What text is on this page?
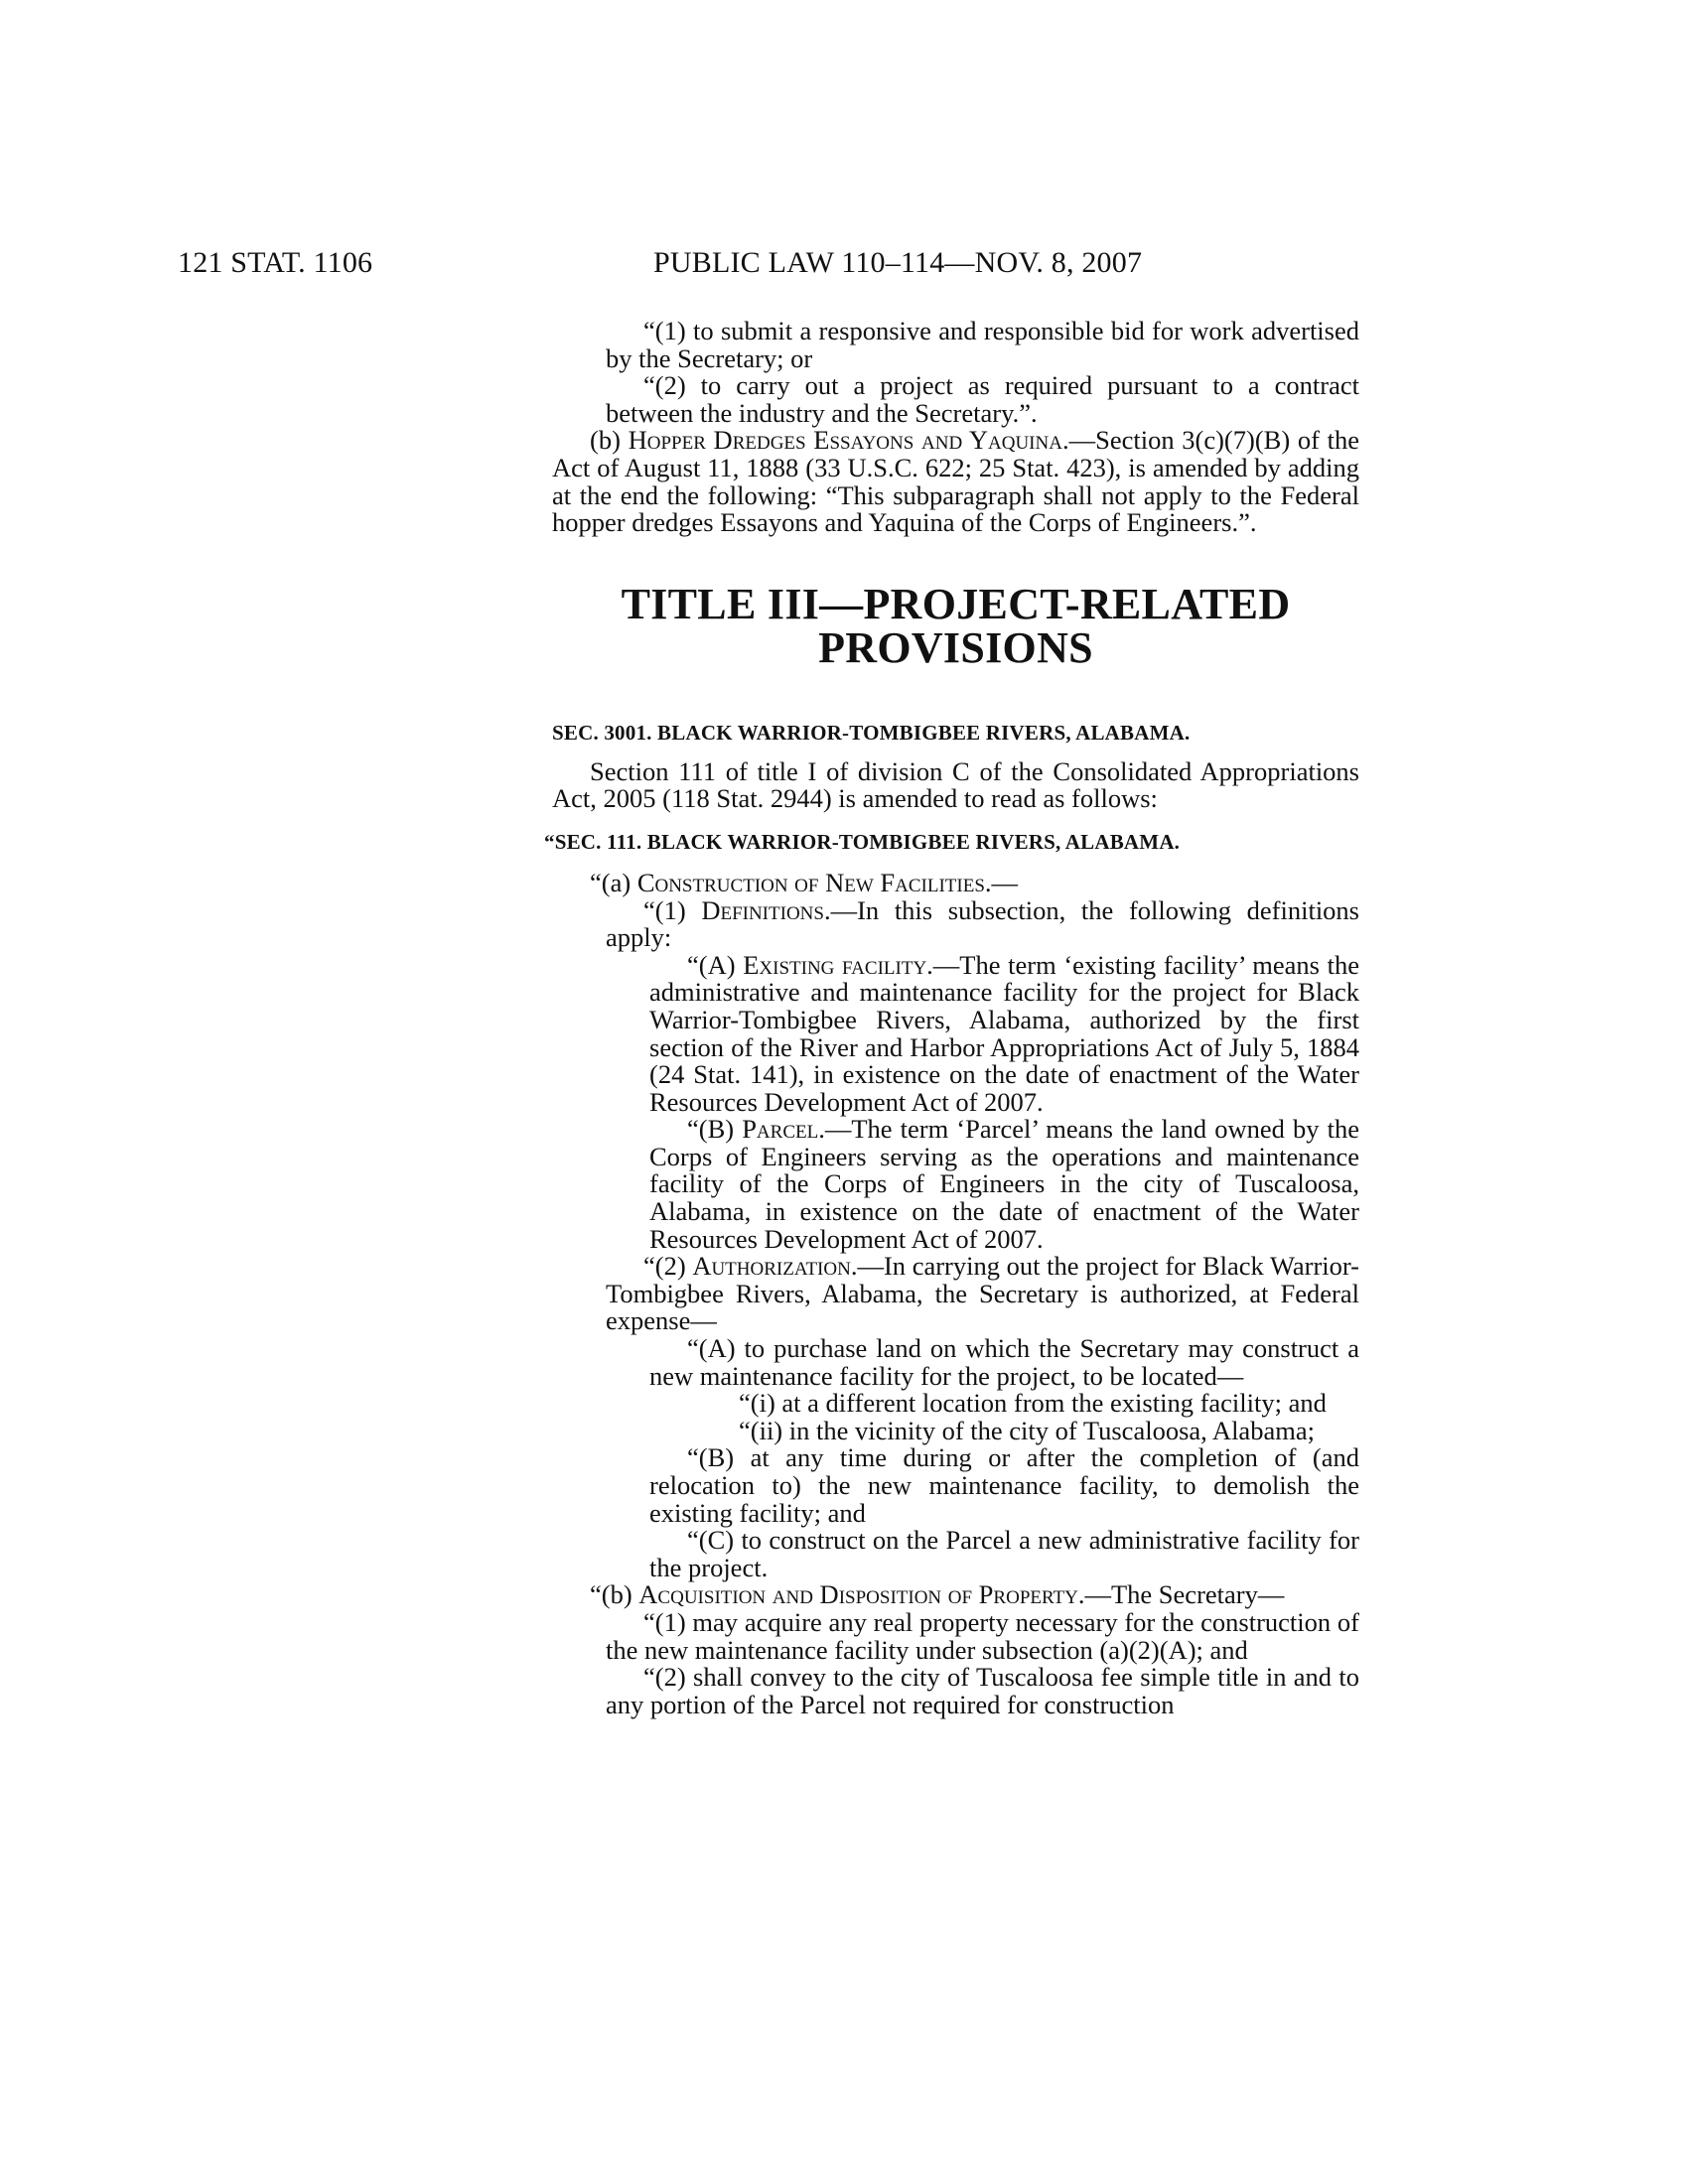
121 STAT. 1106	PUBLIC LAW 110–114—NOV. 8, 2007

“(1) to submit a responsive and responsible bid for work advertised by the Secretary; or

“(2) to carry out a project as required pursuant to a contract between the industry and the Secretary.”.

(b) Hopper Dredges Essayons and Yaquina.—Section 3(c)(7)(B) of the Act of August 11, 1888 (33 U.S.C. 622; 25 Stat. 423), is amended by adding at the end the following: “This subparagraph shall not apply to the Federal hopper dredges Essayons and Yaquina of the Corps of Engineers.”.

TITLE III—PROJECT-RELATED
PROVISIONS

SEC. 3001. BLACK WARRIOR-TOMBIGBEE RIVERS, ALABAMA.

Section 111 of title I of division C of the Consolidated Appropriations Act, 2005 (118 Stat. 2944) is amended to read as follows:

“SEC. 111. BLACK WARRIOR-TOMBIGBEE RIVERS, ALABAMA.

“(a) Construction of New Facilities.—

“(1) Definitions.—In this subsection, the following definitions apply:

“(A) Existing facility.—The term ‘existing facility’ means the administrative and maintenance facility for the project for Black Warrior-Tombigbee Rivers, Alabama, authorized by the first section of the River and Harbor Appropriations Act of July 5, 1884 (24 Stat. 141), in existence on the date of enactment of the Water Resources Development Act of 2007.

“(B) Parcel.—The term ‘Parcel’ means the land owned by the Corps of Engineers serving as the operations and maintenance facility of the Corps of Engineers in the city of Tuscaloosa, Alabama, in existence on the date of enactment of the Water Resources Development Act of 2007.

“(2) Authorization.—In carrying out the project for Black Warrior-Tombigbee Rivers, Alabama, the Secretary is authorized, at Federal expense—

“(A) to purchase land on which the Secretary may construct a new maintenance facility for the project, to be located—

“(i) at a different location from the existing facility; and

“(ii) in the vicinity of the city of Tuscaloosa, Alabama;

“(B) at any time during or after the completion of (and relocation to) the new maintenance facility, to demolish the existing facility; and

“(C) to construct on the Parcel a new administrative facility for the project.

“(b) Acquisition and Disposition of Property.—The Secretary—

“(1) may acquire any real property necessary for the construction of the new maintenance facility under subsection (a)(2)(A); and

“(2) shall convey to the city of Tuscaloosa fee simple title in and to any portion of the Parcel not required for construction
